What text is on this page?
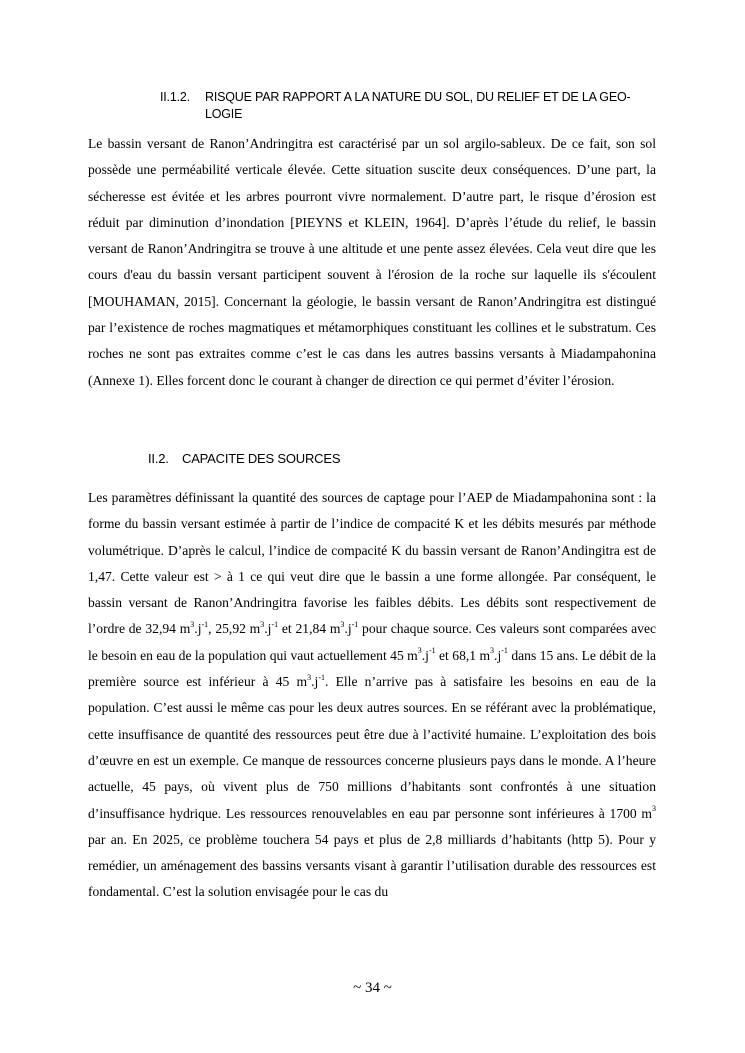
II.1.2.	RISQUE PAR RAPPORT A LA NATURE DU SOL, DU RELIEF ET DE LA GEO-LOGIE

Le bassin versant de Ranon’Andringitra est caractérisé par un sol argilo-sableux. De ce fait, son sol possède une perméabilité verticale élevée. Cette situation suscite deux conséquences. D’une part, la sécheresse est évitée et les arbres pourront vivre normalement. D’autre part, le risque d’érosion est réduit par diminution d’inondation [PIEYNS et KLEIN, 1964]. D’après l’étude du relief, le bassin versant de Ranon’Andringitra se trouve à une altitude et une pente assez élevées. Cela veut dire que les cours d'eau du bassin versant participent souvent à l'érosion de la roche sur laquelle ils s'écoulent [MOUHAMAN, 2015]. Concernant la géologie, le bassin versant de Ranon’Andringitra est distingué par l’existence de roches magmatiques et métamorphiques constituant les collines et le substratum. Ces roches ne sont pas extraites comme c’est le cas dans les autres bassins versants à Miadampahonina (Annexe 1). Elles forcent donc le courant à changer de direction ce qui permet d’éviter l’érosion.

II.2.	CAPACITE DES SOURCES

Les paramètres définissant la quantité des sources de captage pour l’AEP de Miadampahonina sont : la forme du bassin versant estimée à partir de l’indice de compacité K et les débits mesurés par méthode volumétrique. D’après le calcul, l’indice de compacité K du bassin versant de Ranon’Andingitra est de 1,47. Cette valeur est > à 1 ce qui veut dire que le bassin a une forme allongée. Par conséquent, le bassin versant de Ranon’Andringitra favorise les faibles débits. Les débits sont respectivement de l’ordre de 32,94 $m^3.j^{-1}$, 25,92 $m^3.j^{-1}$ et 21,84 $m^3.j^{-1}$ pour chaque source. Ces valeurs sont comparées avec le besoin en eau de la population qui vaut actuellement 45 $m^3.j^{-1}$ et 68,1 $m^3.j^{-1}$ dans 15 ans. Le débit de la première source est inférieur à 45 $m^3.j^{-1}$. Elle n’arrive pas à satisfaire les besoins en eau de la population. C’est aussi le même cas pour les deux autres sources. En se référant avec la problématique, cette insuffisance de quantité des ressources peut être due à l’activité humaine. L’exploitation des bois d’œuvre en est un exemple. Ce manque de ressources concerne plusieurs pays dans le monde. A l’heure actuelle, 45 pays, où vivent plus de 750 millions d’habitants sont confrontés à une situation d’insuffisance hydrique. Les ressources renouvelables en eau par personne sont inférieures à 1700 $m^3$ par an. En 2025, ce problème touchera 54 pays et plus de 2,8 milliards d’habitants (http 5). Pour y remédier, un aménagement des bassins versants visant à garantir l’utilisation durable des ressources est fondamental. C’est la solution envisagée pour le cas du

~ 34 ~
